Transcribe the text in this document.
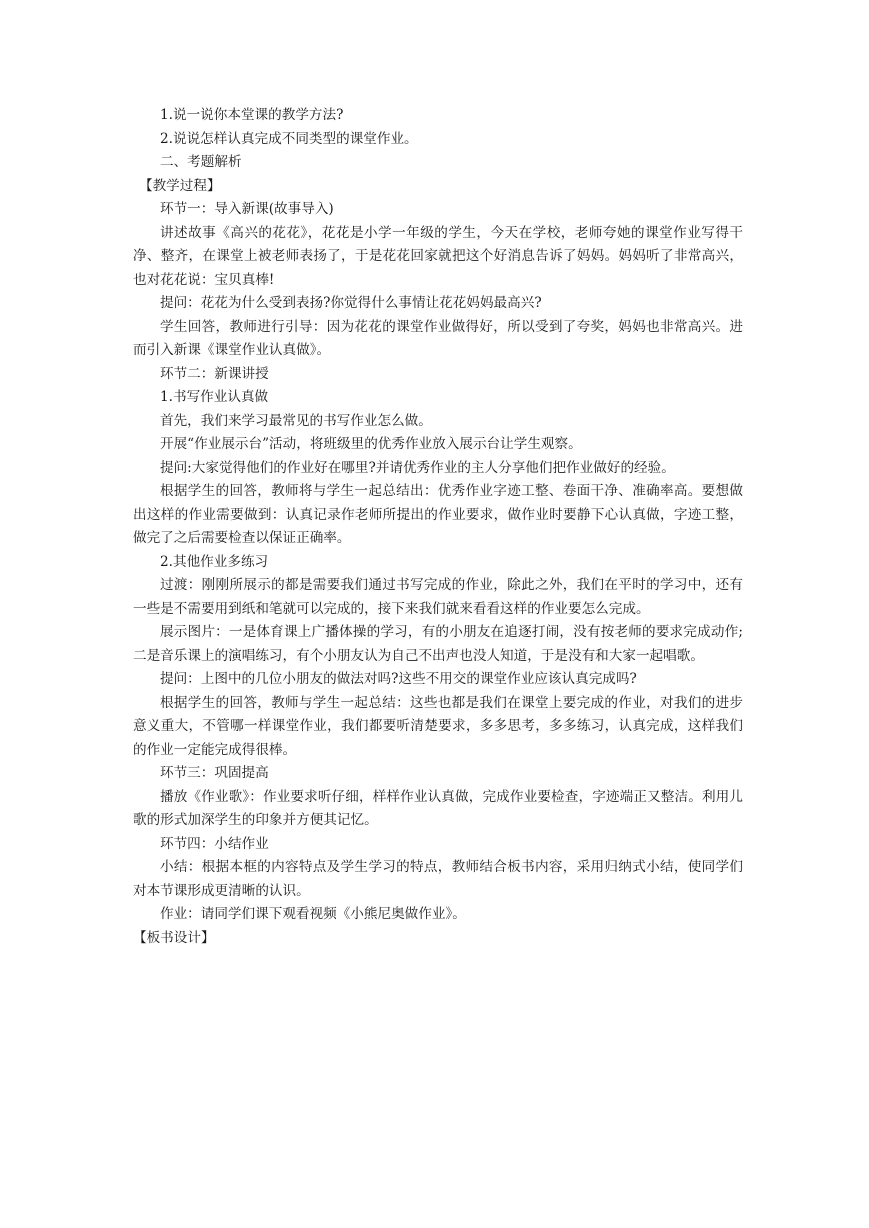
1.说一说你本堂课的教学方法?

2.说说怎样认真完成不同类型的课堂作业。

二、考题解析

【教学过程】

环节一：导入新课(故事导入)

讲述故事《高兴的花花》，花花是小学一年级的学生，今天在学校，老师夸她的课堂作业写得干净、整齐，在课堂上被老师表扬了，于是花花回家就把这个好消息告诉了妈妈。妈妈听了非常高兴，也对花花说：宝贝真棒!

提问：花花为什么受到表扬?你觉得什么事情让花花妈妈最高兴?

学生回答，教师进行引导：因为花花的课堂作业做得好，所以受到了夸奖，妈妈也非常高兴。进而引入新课《课堂作业认真做》。

环节二：新课讲授

1.书写作业认真做

首先，我们来学习最常见的书写作业怎么做。

开展“作业展示台”活动，将班级里的优秀作业放入展示台让学生观察。

提问:大家觉得他们的作业好在哪里?并请优秀作业的主人分享他们把作业做好的经验。

根据学生的回答，教师将与学生一起总结出：优秀作业字迹工整、卷面干净、准确率高。要想做出这样的作业需要做到：认真记录作老师所提出的作业要求，做作业时要静下心认真做，字迹工整，做完了之后需要检查以保证正确率。

2.其他作业多练习

过渡：刚刚所展示的都是需要我们通过书写完成的作业，除此之外，我们在平时的学习中，还有一些是不需要用到纸和笔就可以完成的，接下来我们就来看看这样的作业要怎么完成。

展示图片：一是体育课上广播体操的学习，有的小朋友在追逐打闹，没有按老师的要求完成动作;二是音乐课上的演唱练习，有个小朋友认为自己不出声也没人知道，于是没有和大家一起唱歌。

提问：上图中的几位小朋友的做法对吗?这些不用交的课堂作业应该认真完成吗?

根据学生的回答，教师与学生一起总结：这些也都是我们在课堂上要完成的作业，对我们的进步意义重大，不管哪一样课堂作业，我们都要听清楚要求，多多思考，多多练习，认真完成，这样我们的作业一定能完成得很棒。

环节三：巩固提高

播放《作业歌》：作业要求听仔细，样样作业认真做，完成作业要检查，字迹端正又整洁。利用儿歌的形式加深学生的印象并方便其记忆。

环节四：小结作业

小结：根据本框的内容特点及学生学习的特点，教师结合板书内容，采用归纳式小结，使同学们对本节课形成更清晰的认识。

作业：请同学们课下观看视频《小熊尼奥做作业》。

【板书设计】
